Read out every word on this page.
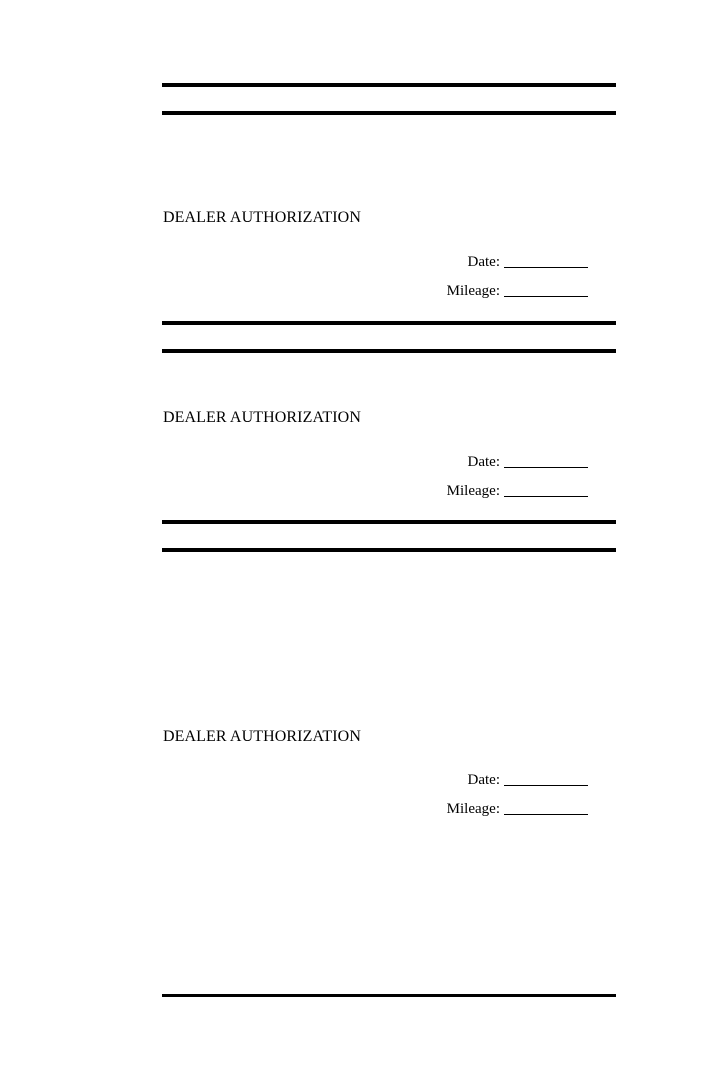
DEALER AUTHORIZATION
Date:
Mileage:
DEALER AUTHORIZATION
Date:
Mileage:
DEALER AUTHORIZATION
Date:
Mileage:
